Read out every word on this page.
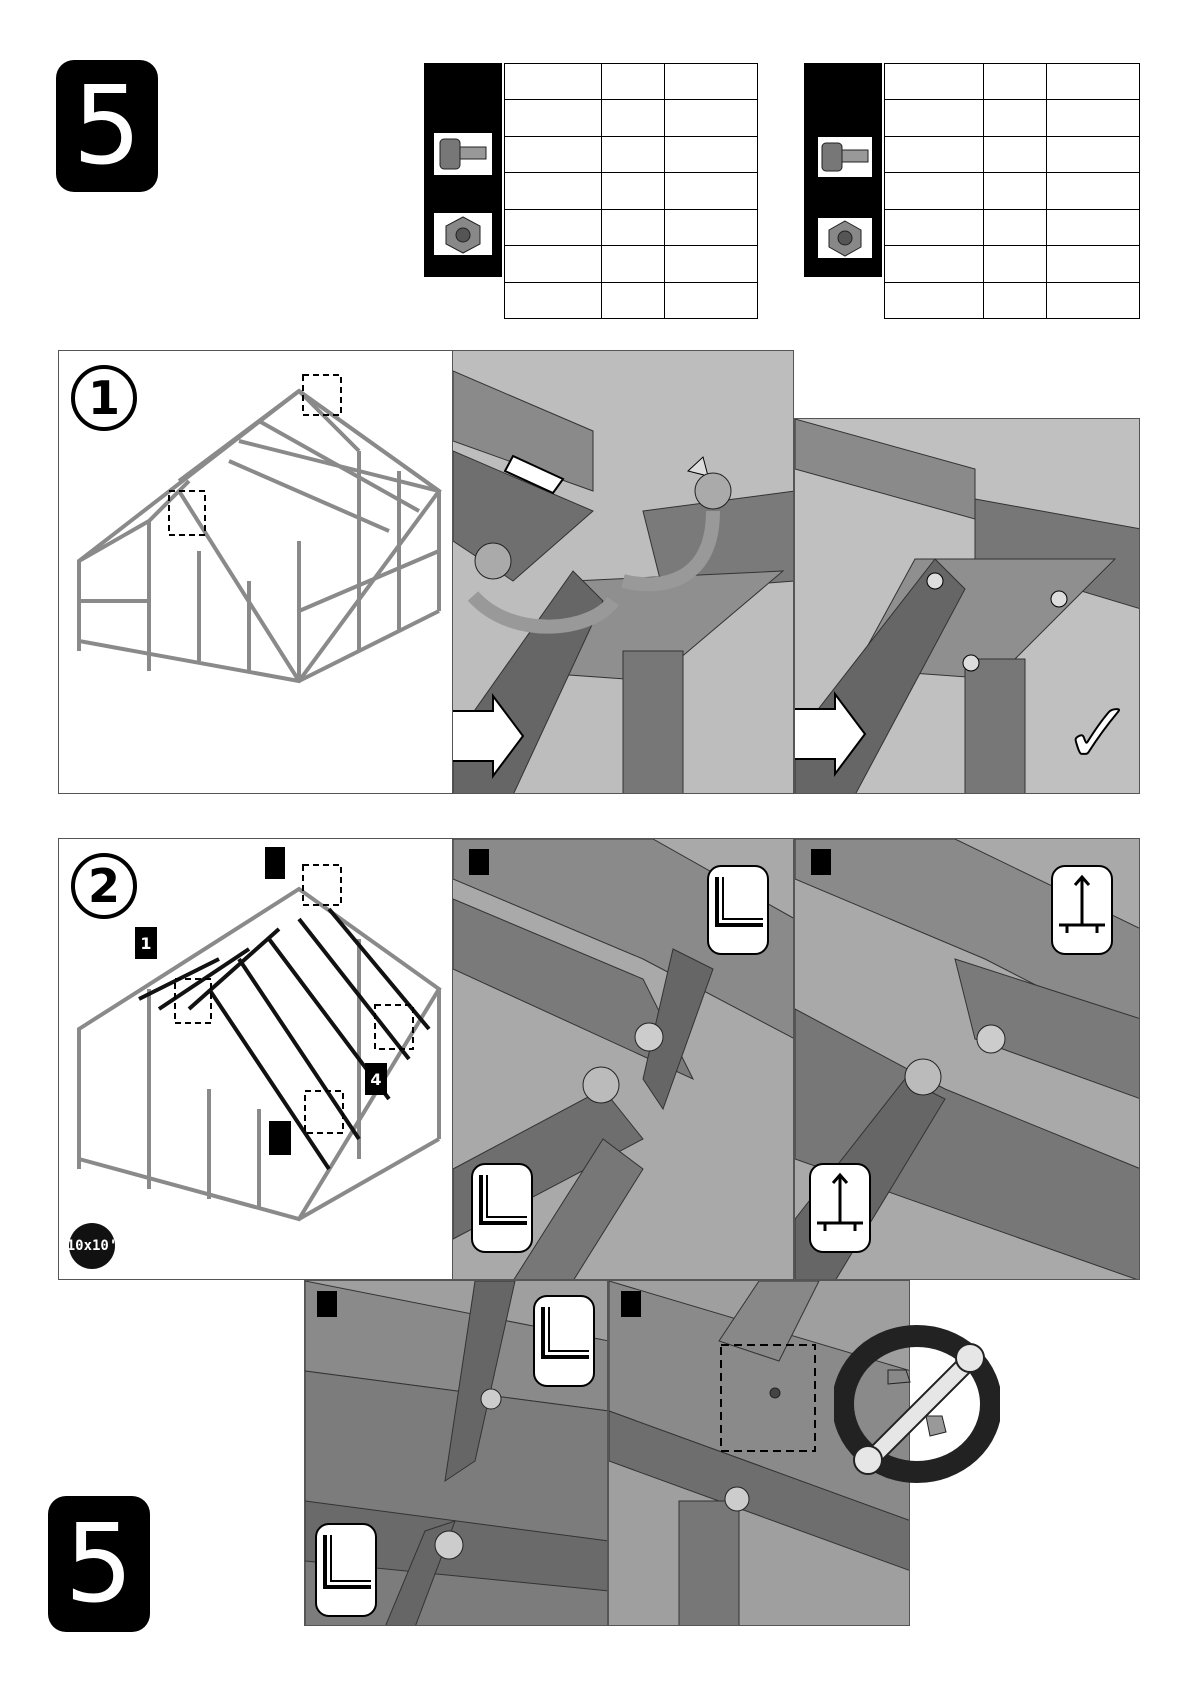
5

1
✓
2
1
4
10x10'
5
